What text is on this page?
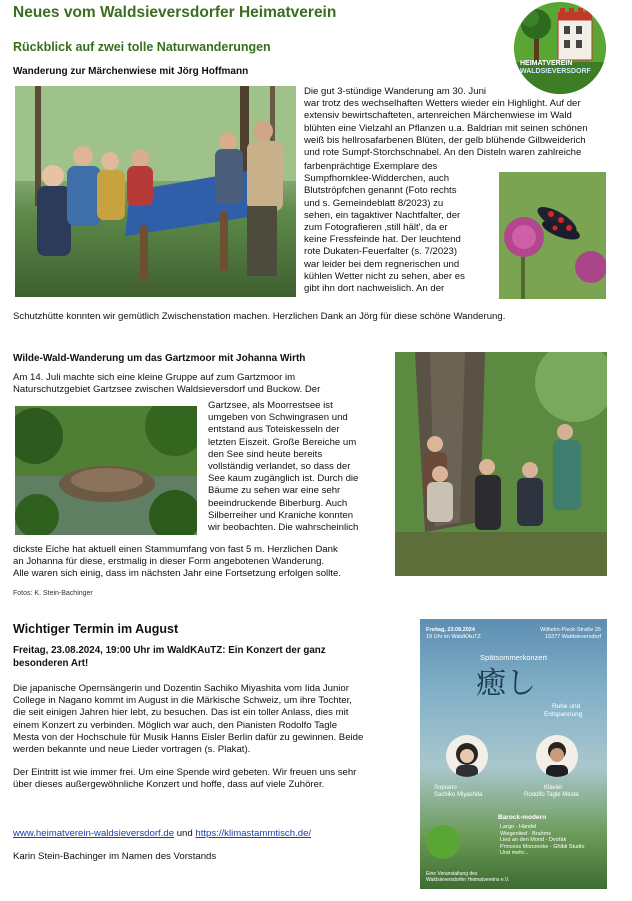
Neues vom Waldsieversdorfer Heimatverein
Rückblick auf zwei tolle Naturwanderungen
HEIMATVEREIN
WALDSIEVERSDORF
Wanderung zur Märchenwiese mit Jörg Hoffmann
Die gut 3-stündige Wanderung am 30. Juni
war trotz des wechselhaften Wetters wieder ein Highlight. Auf der
extensiv bewirtschafteten, artenreichen Märchenwiese im Wald
blühten eine Vielzahl an Pflanzen u.a. Baldrian mit seinen schönen
weiß bis hellrosafarbenen Blüten, der gelb blühende Gilbweiderich
und rote Sumpf-Storchschnabel. An den Disteln waren zahlreiche
farbenprächtige Exemplare des
Sumpfhornklee-Widderchen, auch
Blutströpfchen genannt (Foto rechts
und s. Gemeindeblatt 8/2023) zu
sehen, ein tagaktiver Nachtfalter, der
zum Fotografieren ‚still hält', da er
keine Fressfeinde hat. Der leuchtend
rote Dukaten-Feuerfalter (s. 7/2023)
war leider bei dem regnerischen und
kühlen Wetter nicht zu sehen, aber es
gibt ihn dort nachweislich. An der
Schutzhütte konnten wir gemütlich Zwischenstation machen. Herzlichen Dank an Jörg für diese schöne Wanderung.
Wilde-Wald-Wanderung um das Gartzmoor mit Johanna Wirth
Am 14. Juli machte sich eine kleine Gruppe auf zum Gartzmoor im
Naturschutzgebiet Gartzsee zwischen Waldsieversdorf und Buckow. Der
Gartzsee, als Moorrestsee ist
umgeben von Schwingrasen und
entstand aus Toteiskesseln der
letzten Eiszeit. Große Bereiche um
den See sind heute bereits
vollständig verlandet, so dass der
See kaum zugänglich ist. Durch die
Bäume zu sehen war eine sehr
beeindruckende Biberburg. Auch
Silberreiher und Kraniche konnten
wir beobachten. Die wahrscheinlich
dickste Eiche hat aktuell einen Stammumfang von fast 5 m. Herzlichen Dank
an Johanna für diese, erstmalig in dieser Form angebotenen Wanderung.
Alle waren sich einig, dass im nächsten Jahr eine Fortsetzung erfolgen sollte.
Fotos: K. Stein-Bachinger
Wichtiger Termin im August
Freitag, 23.08.2024, 19:00 Uhr im WaldKAuTZ: Ein Konzert der ganz
besonderen Art!
Die japanische Opernsängerin und Dozentin Sachiko Miyashita vom Iida Junior
College in Nagano kommt im August in die Märkische Schweiz, um ihre Tochter,
die seit einigen Jahren hier lebt, zu besuchen. Das ist ein toller Anlass, dies mit
einem Konzert zu verbinden. Möglich war auch, den Pianisten Rodolfo Tagle
Mesta von der Hochschule für Musik Hanns Eisler Berlin dafür zu gewinnen. Beide
werden bekannte und neue Lieder vortragen (s. Plakat).
Der Eintritt ist wie immer frei. Um eine Spende wird gebeten. Wir freuen uns sehr
über dieses außergewöhnliche Konzert und hoffe, dass auf viele Zuhörer.
www.heimatverein-waldsieversdorf.de und https://klimastammtisch.de/
Karin Stein-Bachinger im Namen des Vorstands
Freitag, 23.08.2024
19 Uhr im WaldKAuTZ
Wilhelm-Pieck-Straße 25
15377 Waldsieversdorf
Spätsommerkonzert
癒し
Ruhe und
Entspannung
Soprano
Sachiko Miyashita
Klavier
Rodolfo Tagle Mesta
Barock-modern
Largo - Händel
Wiegenlied - Brahms
Lied an den Mond - Dvořák
Princess Mononoke - Ghibli Studio
Und mehr...
Eine Veranstaltung des
Waldsieversdorfer Heimatvereins e.V.
